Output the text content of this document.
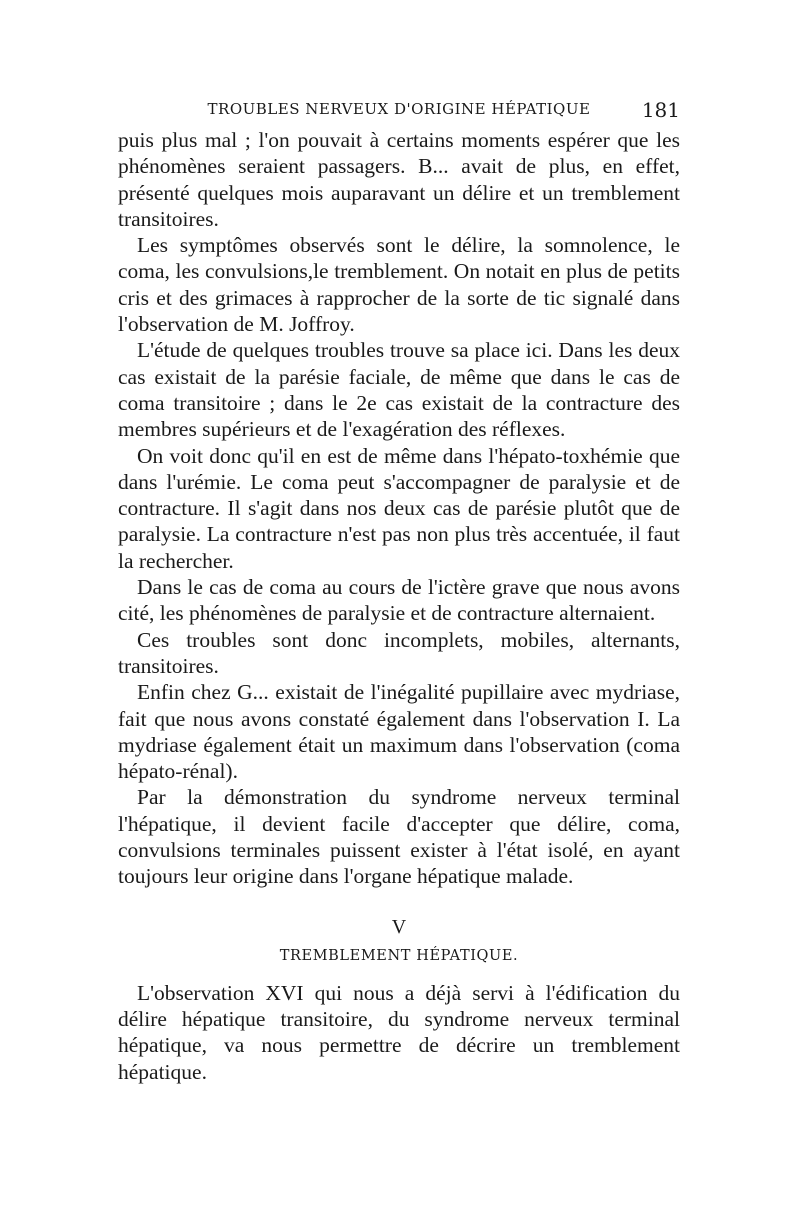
TROUBLES NERVEUX D'ORIGINE HÉPATIQUE	181

puis plus mal ; l'on pouvait à certains moments espérer que les phénomènes seraient passagers. B... avait de plus, en effet, présenté quelques mois auparavant un délire et un tremblement transitoires.

Les symptômes observés sont le délire, la somnolence, le coma, les convulsions,le tremblement. On notait en plus de petits cris et des grimaces à rapprocher de la sorte de tic signalé dans l'observation de M. Joffroy.

L'étude de quelques troubles trouve sa place ici. Dans les deux cas existait de la parésie faciale, de même que dans le cas de coma transitoire ; dans le 2e cas existait de la contracture des membres supérieurs et de l'exagération des réflexes.

On voit donc qu'il en est de même dans l'hépato-toxhémie que dans l'urémie. Le coma peut s'accompagner de paralysie et de contracture. Il s'agit dans nos deux cas de parésie plutôt que de paralysie. La contracture n'est pas non plus très accentuée, il faut la rechercher.

Dans le cas de coma au cours de l'ictère grave que nous avons cité, les phénomènes de paralysie et de contracture alternaient.

Ces troubles sont donc incomplets, mobiles, alternants, transitoires.

Enfin chez G... existait de l'inégalité pupillaire avec mydriase, fait que nous avons constaté également dans l'observation I. La mydriase également était un maximum dans l'observation (coma hépato-rénal).

Par la démonstration du syndrome nerveux terminal l'hépatique, il devient facile d'accepter que délire, coma, convulsions terminales puissent exister à l'état isolé, en ayant toujours leur origine dans l'organe hépatique malade.

V
TREMBLEMENT HÉPATIQUE.

L'observation XVI qui nous a déjà servi à l'édification du délire hépatique transitoire, du syndrome nerveux terminal hépatique, va nous permettre de décrire un tremblement hépatique.
